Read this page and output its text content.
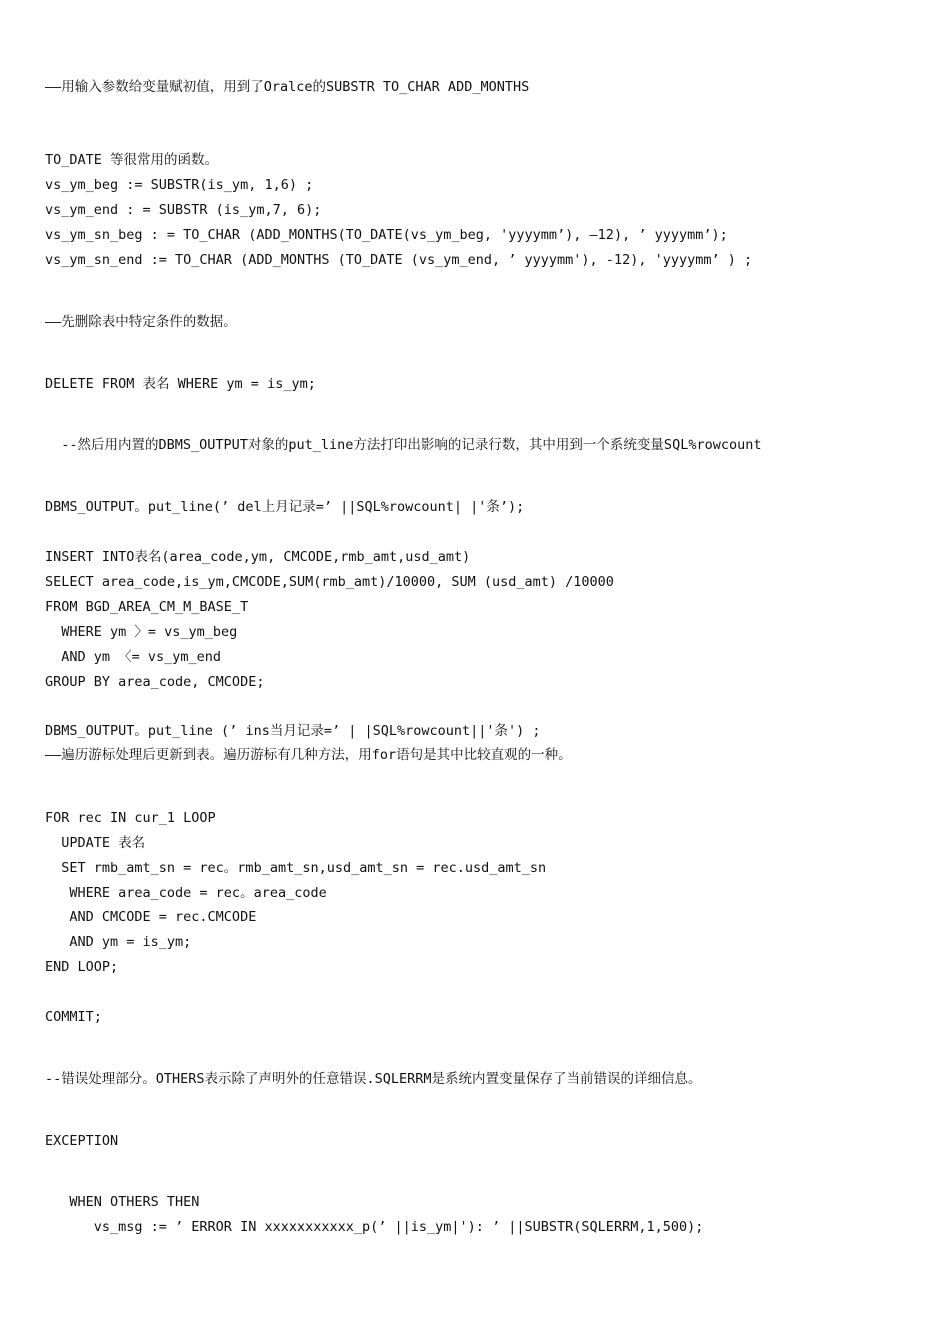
——用输入参数给变量赋初值，用到了Oralce的SUBSTR TO_CHAR ADD_MONTHS
TO_DATE 等很常用的函数。
vs_ym_beg := SUBSTR(is_ym, 1,6) ;
vs_ym_end : = SUBSTR (is_ym,7, 6);
vs_ym_sn_beg : = TO_CHAR (ADD_MONTHS(TO_DATE(vs_ym_beg, 'yyyymm’), —12), ’ yyyymm’);
vs_ym_sn_end := TO_CHAR (ADD_MONTHS (TO_DATE (vs_ym_end, ’ yyyymm'), -12), 'yyyymm’ ) ;
——先删除表中特定条件的数据。
DELETE FROM 表名 WHERE ym = is_ym;
--然后用内置的DBMS_OUTPUT对象的put_line方法打印出影响的记录行数，其中用到一个系统变量SQL%rowcount
DBMS_OUTPUT。put_line(’ del上月记录=’ ||SQL%rowcount| |'条’);
INSERT INTO表名(area_code,ym, CMCODE,rmb_amt,usd_amt)
SELECT area_code,is_ym,CMCODE,SUM(rmb_amt)/10000, SUM (usd_amt) /10000
FROM BGD_AREA_CM_M_BASE_T
WHERE ym 〉= vs_ym_beg
AND ym 〈= vs_ym_end
GROUP BY area_code, CMCODE;
DBMS_OUTPUT。put_line (’ ins当月记录=’ | |SQL%rowcount||'条') ;
——遍历游标处理后更新到表。遍历游标有几种方法，用for语句是其中比较直观的一种。
FOR rec IN cur_1 LOOP
UPDATE 表名
SET rmb_amt_sn = rec。rmb_amt_sn,usd_amt_sn = rec.usd_amt_sn
WHERE area_code = rec。area_code
AND CMCODE = rec.CMCODE
AND ym = is_ym;
END LOOP;
COMMIT;
--错误处理部分。OTHERS表示除了声明外的任意错误.SQLERRM是系统内置变量保存了当前错误的详细信息。
EXCEPTION
WHEN OTHERS THEN
vs_msg := ’ ERROR IN xxxxxxxxxxx_p(’ ||is_ym|'): ’ ||SUBSTR(SQLERRM,1,500);
